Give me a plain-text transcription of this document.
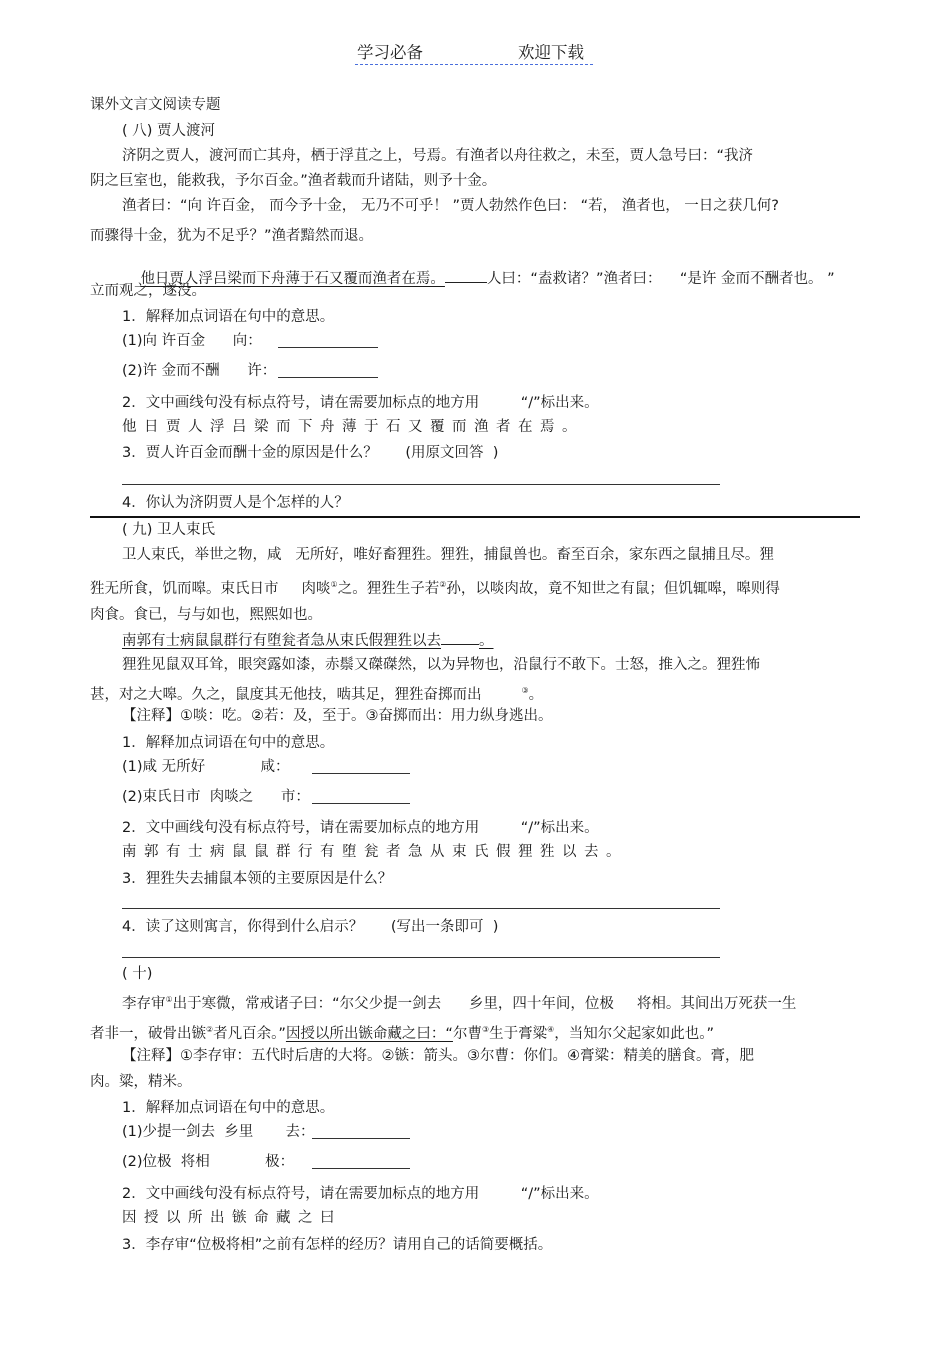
学习必备	欢迎下载
课外文言文阅读专题
( 八) 贾人渡河
济阴之贾人，渡河而亡其舟，栖于浮苴之上，号焉。有渔者以舟往救之，未至，贾人急号曰：“我济
阴之巨室也，能救我，予尔百金。”渔者载而升诸陆，则予十金。
渔者曰：“向 许百金， 而今予十金， 无乃不可乎！ ”贾人勃然作色曰： “若， 渔者也， 一日之获几何?
而骤得十金，犹为不足乎？”渔者黯然而退。

他日贾人浮吕梁而下舟薄于石又覆而渔者在焉。	人曰：“盍救诸？”渔者曰：    “是许 金而不酬者也。 ”

立而观之，遂没。
1．解释加点词语在句中的意思。
(1)向 许百金      向：
(2)许 金而不酬      许：
2．文中画线句没有标点符号，请在需要加标点的地方用         “/”标出来。
他日贾人浮吕梁而下舟薄于石又覆而渔者在焉。
3．贾人许百金而酬十金的原因是什么？      (用原文回答  )
4．你认为济阴贾人是个怎样的人？
( 九) 卫人束氏
卫人束氏，举世之物，咸   无所好，唯好畜狸狌。狸狌，捕鼠兽也。畜至百余，家东西之鼠捕且尽。狸
狌无所食，饥而嗥。束氏日市     肉啖①之。狸狌生子若②孙，以啖肉故，竟不知世之有鼠；但饥辄嗥，嗥则得
肉食。食已，与与如也，熙熙如也。
南郭有士病鼠鼠群行有堕瓮者急从束氏假狸狌以去	。
狸狌见鼠双耳耸，眼突露如漆，赤鬃又磔磔然，以为异物也，沿鼠行不敢下。士怒，推入之。狸狌怖
甚，对之大嗥。久之，鼠度其无他技，啮其足，狸狌奋掷而出	③。
【注释】①啖：吃。②若：及，至于。③奋掷而出：用力纵身逃出。
1．解释加点词语在句中的意思。
(1)咸 无所好            咸：
(2)束氏日市  肉啖之      市：
2．文中画线句没有标点符号，请在需要加标点的地方用         “/”标出来。
南郭有士病鼠鼠群行有堕瓮者急从束氏假狸狌以去。
3．狸狌失去捕鼠本领的主要原因是什么？
4．读了这则寓言，你得到什么启示？      (写出一条即可  )
( 十)
李存审①出于寒微，常戒诸子曰：“尔父少提一剑去      乡里，四十年间，位极     将相。其间出万死获一生
者非一，破骨出镞②者凡百余。”因授以所出镞命藏之曰：“尔曹③生于膏粱④，当知尔父起家如此也。”
【注释】①李存审：五代时后唐的大将。②镞：箭头。③尔曹：你们。④膏粱：精美的膳食。膏，肥
肉。粱，精米。
1．解释加点词语在句中的意思。
(1)少提一剑去  乡里       去：
(2)位极  将相            极：
2．文中画线句没有标点符号，请在需要加标点的地方用         “/”标出来。
因授以所出镞命藏之曰
3．李存审“位极将相”之前有怎样的经历？请用自己的话简要概括。
